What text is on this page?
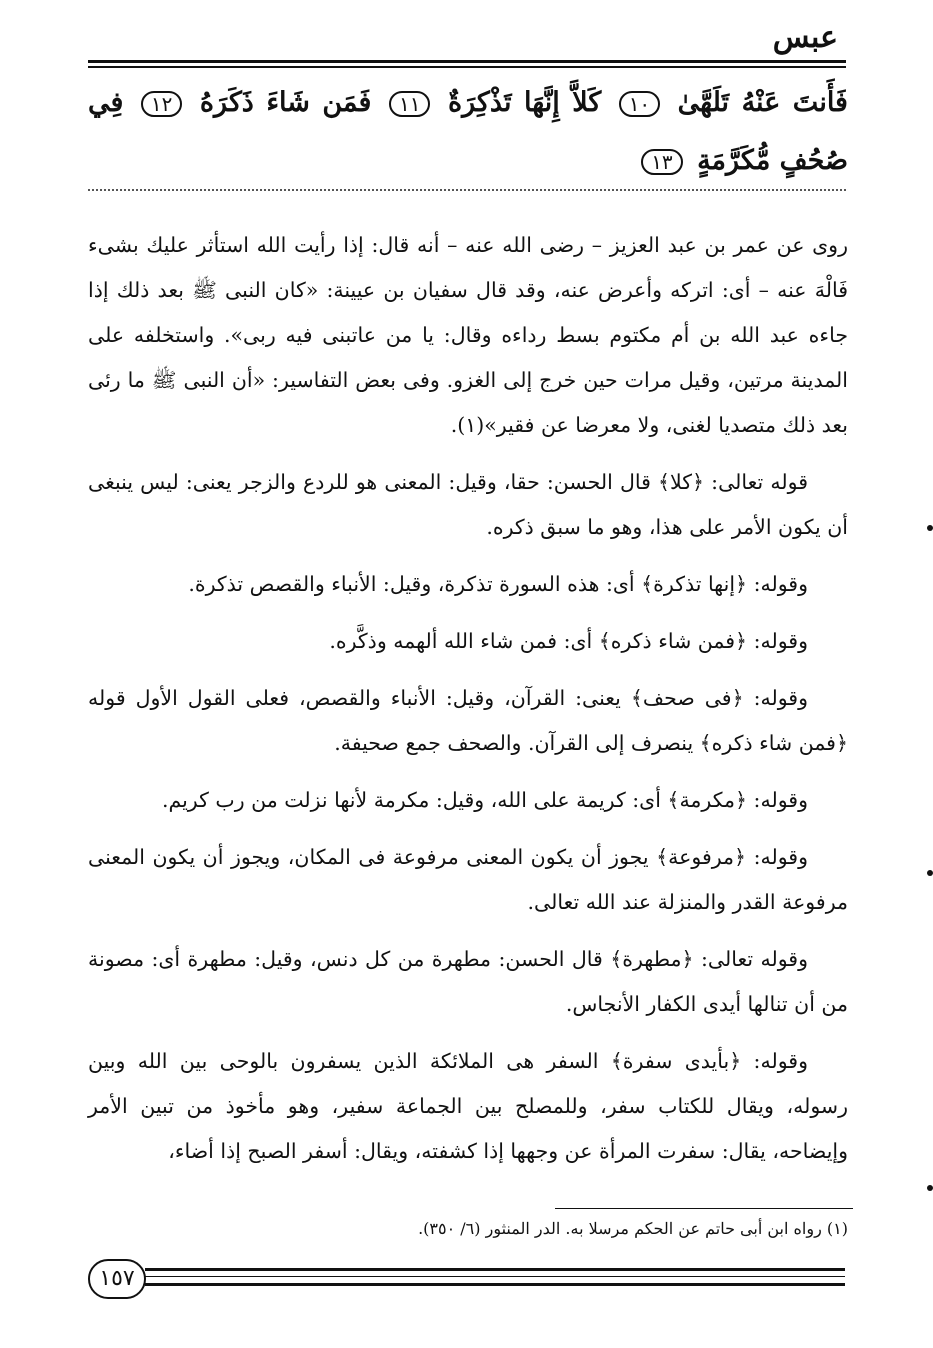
عبس
فَأَنتَ عَنْهُ تَلَهَّىٰ ١٠ كَلاَّ إِنَّهَا تَذْكِرَةٌ ١١ فَمَن شَاءَ ذَكَرَهُ ١٢ فِي صُحُفٍ مُّكَرَّمَةٍ ١٣

روى عن عمر بن عبد العزيز – رضى الله عنه – أنه قال: إذا رأيت الله استأثر عليك بشىء فَالْهَ عنه – أى: اتركه وأعرض عنه، وقد قال سفيان بن عيينة: «كان النبى ﷺ بعد ذلك إذا جاءه عبد الله بن أم مكتوم بسط رداءه وقال: يا من عاتبنى فيه ربى». واستخلفه على المدينة مرتين، وقيل مرات حين خرج إلى الغزو. وفى بعض التفاسير: «أن النبى ﷺ ما رئى بعد ذلك متصديا لغنى، ولا معرضا عن فقير»(١).

قوله تعالى: ﴿كلا﴾ قال الحسن: حقا، وقيل: المعنى هو للردع والزجر يعنى: ليس ينبغى أن يكون الأمر على هذا، وهو ما سبق ذكره.

وقوله: ﴿إنها تذكرة﴾ أى: هذه السورة تذكرة، وقيل: الأنباء والقصص تذكرة.

وقوله: ﴿فمن شاء ذكره﴾ أى: فمن شاء الله ألهمه وذكَّره.

وقوله: ﴿فى صحف﴾ يعنى: القرآن، وقيل: الأنباء والقصص، فعلى القول الأول قوله ﴿فمن شاء ذكره﴾ ينصرف إلى القرآن. والصحف جمع صحيفة.

وقوله: ﴿مكرمة﴾ أى: كريمة على الله، وقيل: مكرمة لأنها نزلت من رب كريم.

وقوله: ﴿مرفوعة﴾ يجوز أن يكون المعنى مرفوعة فى المكان، ويجوز أن يكون المعنى مرفوعة القدر والمنزلة عند الله تعالى.

وقوله تعالى: ﴿مطهرة﴾ قال الحسن: مطهرة من كل دنس، وقيل: مطهرة أى: مصونة من أن تنالها أيدى الكفار الأنجاس.

وقوله: ﴿بأيدى سفرة﴾ السفر هى الملائكة الذين يسفرون بالوحى بين الله وبين رسوله، ويقال للكتاب سفر، وللمصلح بين الجماعة سفير، وهو مأخوذ من تبين الأمر وإيضاحه، يقال: سفرت المرأة عن وجهها إذا كشفته، ويقال: أسفر الصبح إذا أضاء،

(١) رواه ابن أبى حاتم عن الحكم مرسلا به. الدر المنثور (٦/ ٣٥٠).
١٥٧
